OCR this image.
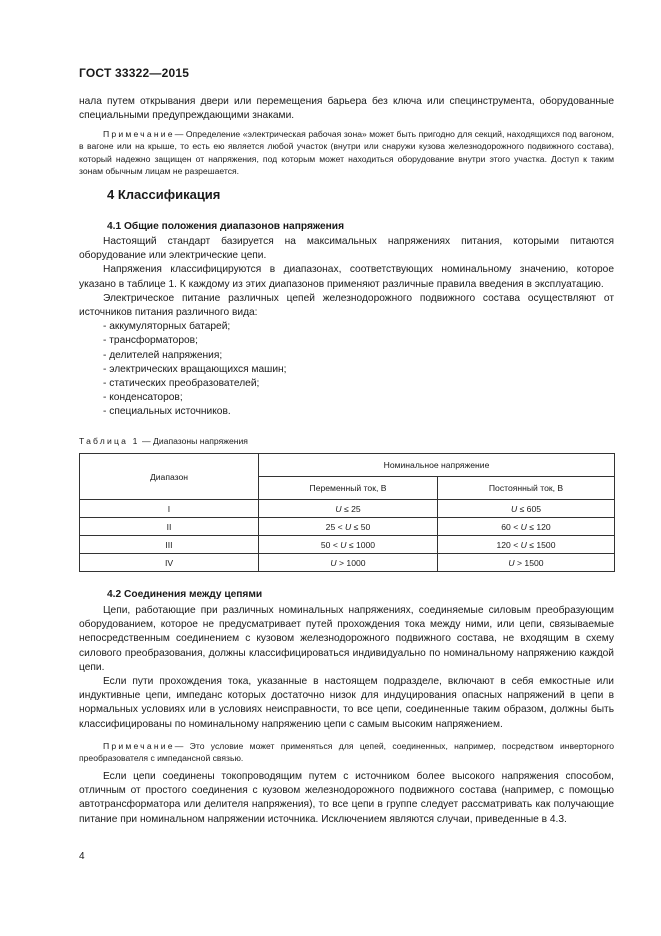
ГОСТ 33322—2015

нала путем открывания двери или перемещения барьера без ключа или специнструмента, оборудованные специальными предупреждающими знаками.

Примечание— Определение «электрическая рабочая зона» может быть пригодно для секций, находящихся под вагоном, в вагоне или на крыше, то есть ею является любой участок (внутри или снаружи кузова железнодорожного подвижного состава), который надежно защищен от напряжения, под которым может находиться оборудование внутри этого участка. Доступ к таким зонам обычным лицам не разрешается.

4 Классификация
4.1 Общие положения диапазонов напряжения

Настоящий стандарт базируется на максимальных напряжениях питания, которыми питаются оборудование или электрические цепи.

Напряжения классифицируются в диапазонах, соответствующих номинальному значению, которое указано в таблице 1. К каждому из этих диапазонов применяют различные правила введения в эксплуатацию.

Электрическое питание различных цепей железнодорожного подвижного состава осуществляют от источников питания различного вида:

- аккумуляторных батарей;
- трансформаторов;
- делителей напряжения;
- электрических вращающихся машин;
- статических преобразователей;
- конденсаторов;
- специальных источников.
Таблица 1 — Диапазоны напряжения
Диапазон	Номинальное напряжение	
	Переменный ток, В	Постоянный ток, В
I	U ≤ 25	U ≤ 605
II	25 < U ≤ 50	60 < U ≤ 120
III	50 < U ≤ 1000	120 < U ≤ 1500
IV	U > 1000	U > 1500
4.2 Соединения между цепями

Цепи, работающие при различных номинальных напряжениях, соединяемые силовым преобразующим оборудованием, которое не предусматривает путей прохождения тока между ними, или цепи, связываемые непосредственным соединением с кузовом железнодорожного подвижного состава, не входящим в схему силового преобразования, должны классифицироваться индивидуально по номинальному напряжению каждой цепи.

Если пути прохождения тока, указанные в настоящем подразделе, включают в себя емкостные или индуктивные цепи, импеданс которых достаточно низок для индуцирования опасных напряжений в цепи в нормальных условиях или в условиях неисправности, то все цепи, соединенные таким образом, должны быть классифицированы по номинальному напряжению цепи с самым высоким напряжением.

Примечание— Это условие может применяться для цепей, соединенных, например, посредством инверторного преобразователя с импедансной связью.

Если цепи соединены токопроводящим путем с источником более высокого напряжения способом, отличным от простого соединения с кузовом железнодорожного подвижного состава (например, с помощью автотрансформатора или делителя напряжения), то все цепи в группе следует рассматривать как получающие питание при номинальном напряжении источника. Исключением являются случаи, приведенные в 4.3.

4
